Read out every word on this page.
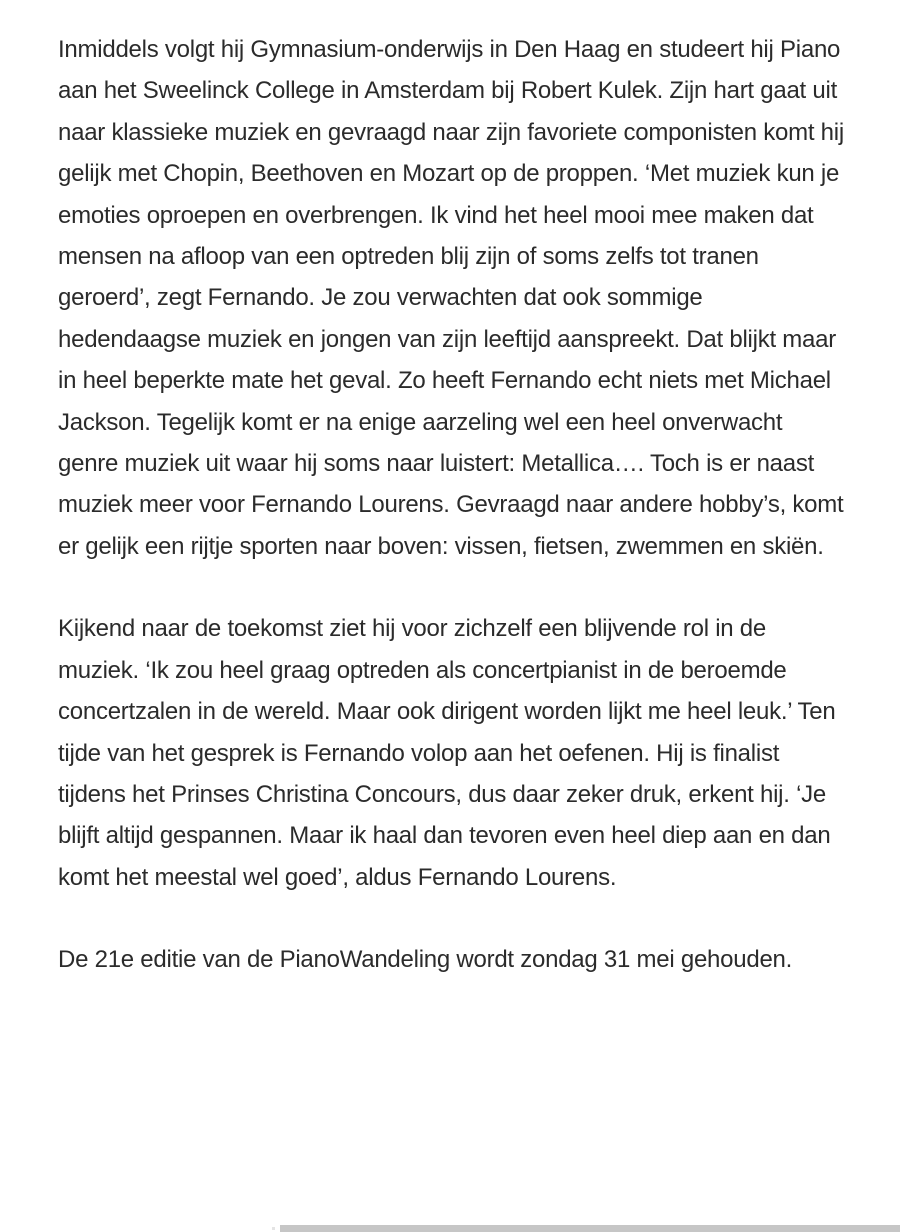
Inmiddels volgt hij Gymnasium-onderwijs in Den Haag en studeert hij Piano aan het Sweelinck College in Amsterdam bij Robert Kulek. Zijn hart gaat uit naar klassieke muziek en gevraagd naar zijn favoriete componisten komt hij gelijk met Chopin, Beethoven en Mozart op de proppen. ‘Met muziek kun je emoties oproepen en overbrengen. Ik vind het heel mooi mee maken dat mensen na afloop van een optreden blij zijn of soms zelfs tot tranen geroerd’, zegt Fernando. Je zou verwachten dat ook sommige hedendaagse muziek en jongen van zijn leeftijd aanspreekt. Dat blijkt maar in heel beperkte mate het geval. Zo heeft Fernando echt niets met Michael Jackson. Tegelijk komt er na enige aarzeling wel een heel onverwacht genre muziek uit waar hij soms naar luistert: Metallica…. Toch is er naast muziek meer voor Fernando Lourens. Gevraagd naar andere hobby’s, komt er gelijk een rijtje sporten naar boven: vissen, fietsen, zwemmen en skiën.

Kijkend naar de toekomst ziet hij voor zichzelf een blijvende rol in de muziek. ‘Ik zou heel graag optreden als concertpianist in de beroemde concertzalen in de wereld. Maar ook dirigent worden lijkt me heel leuk.’ Ten tijde van het gesprek is Fernando volop aan het oefenen. Hij is finalist tijdens het Prinses Christina Concours, dus daar zeker druk, erkent hij. ‘Je blijft altijd gespannen. Maar ik haal dan tevoren even heel diep aan en dan komt het meestal wel goed’, aldus Fernando Lourens.

De 21e editie van de PianoWandeling wordt zondag 31 mei gehouden.
